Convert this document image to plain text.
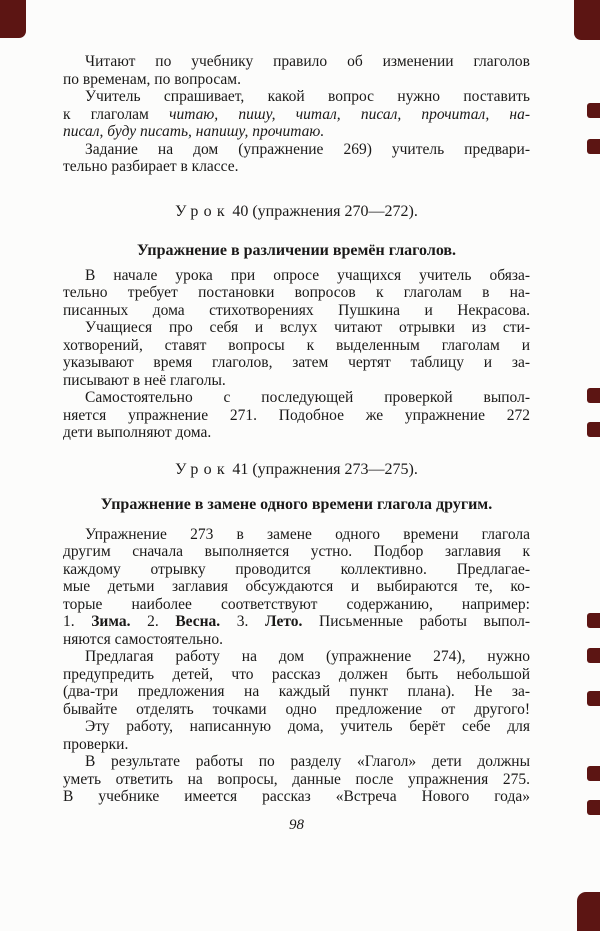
Читают по учебнику правило об изменении глаголов
по временам, по вопросам.
Учитель спрашивает, какой вопрос нужно поставить
к глаголам читаю, пишу, читал, писал, прочитал, на-
писал, буду писать, напишу, прочитаю.
Задание на дом (упражнение 269) учитель предвари-
тельно разбирает в классе.
Урок 40 (упражнения 270—272).
Упражнение в различении времён глаголов.
В начале урока при опросе учащихся учитель обяза-
тельно требует постановки вопросов к глаголам в на-
писанных дома стихотворениях Пушкина и Некрасова.
Учащиеся про себя и вслух читают отрывки из сти-
хотворений, ставят вопросы к выделенным глаголам и
указывают время глаголов, затем чертят таблицу и за-
писывают в неё глаголы.
Самостоятельно с последующей проверкой выпол-
няется упражнение 271. Подобное же упражнение 272
дети выполняют дома.
Урок 41 (упражнения 273—275).
Упражнение в замене одного времени глагола другим.
Упражнение 273 в замене одного времени глагола
другим сначала выполняется устно. Подбор заглавия к
каждому отрывку проводится коллективно. Предлагае-
мые детьми заглавия обсуждаются и выбираются те, ко-
торые наиболее соответствуют содержанию, например:
1. Зима. 2. Весна. 3. Лето. Письменные работы выпол-
няются самостоятельно.
Предлагая работу на дом (упражнение 274), нужно
предупредить детей, что рассказ должен быть небольшой
(два-три предложения на каждый пункт плана). Не за-
бывайте отделять точками одно предложение от другого!
Эту работу, написанную дома, учитель берёт себе для
проверки.
В результате работы по разделу «Глагол» дети должны
уметь ответить на вопросы, данные после упражнения 275.
В учебнике имеется рассказ «Встреча Нового года»
98
